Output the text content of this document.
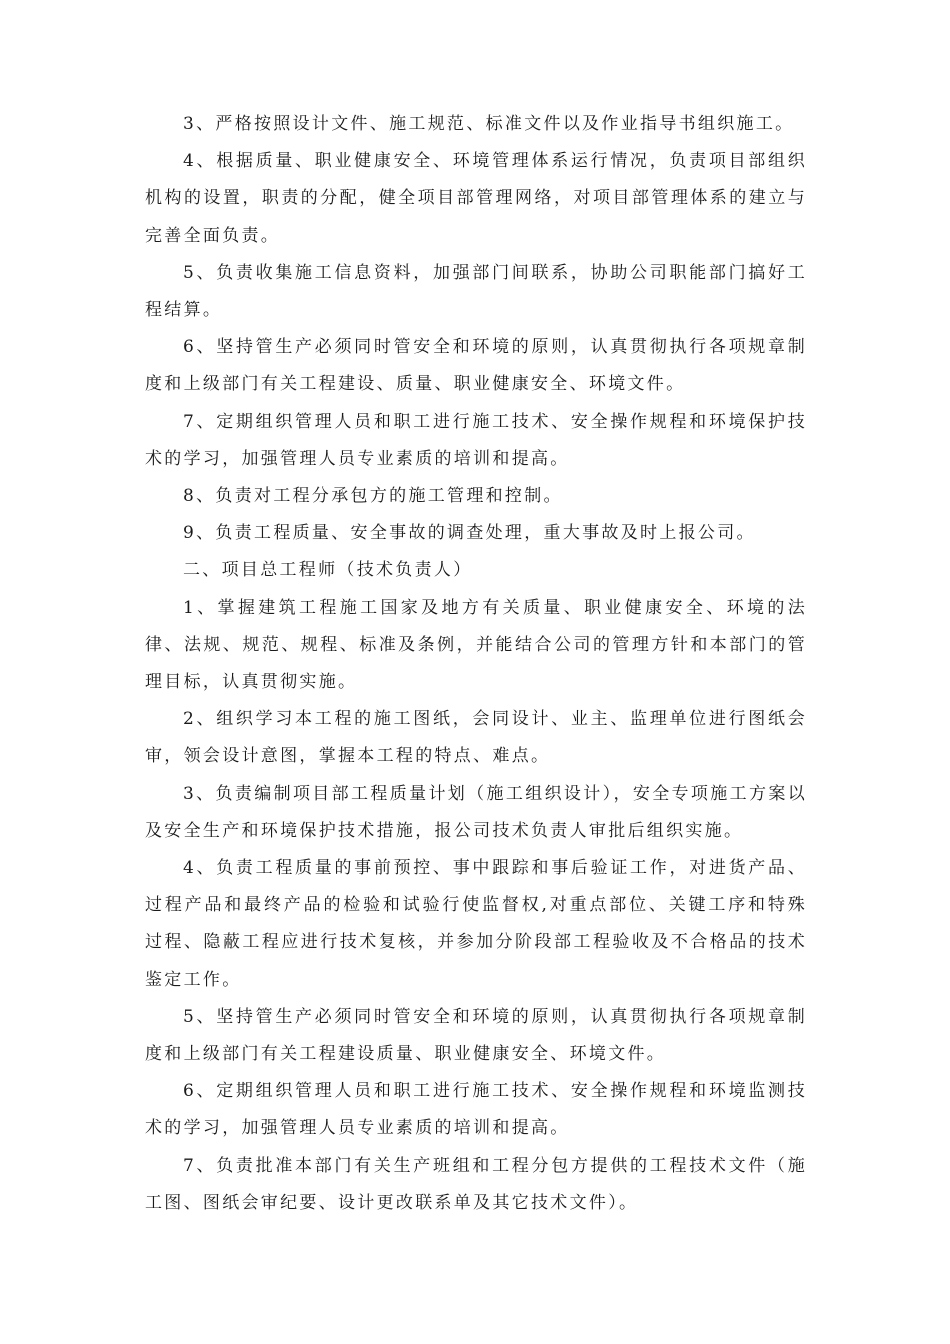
3、严格按照设计文件、施工规范、标准文件以及作业指导书组织施工。

4、根据质量、职业健康安全、环境管理体系运行情况，负责项目部组织机构的设置，职责的分配，健全项目部管理网络，对项目部管理体系的建立与完善全面负责。

5、负责收集施工信息资料，加强部门间联系，协助公司职能部门搞好工程结算。

6、坚持管生产必须同时管安全和环境的原则，认真贯彻执行各项规章制度和上级部门有关工程建设、质量、职业健康安全、环境文件。

7、定期组织管理人员和职工进行施工技术、安全操作规程和环境保护技术的学习，加强管理人员专业素质的培训和提高。

8、负责对工程分承包方的施工管理和控制。

9、负责工程质量、安全事故的调查处理，重大事故及时上报公司。

二、项目总工程师（技术负责人）

1、掌握建筑工程施工国家及地方有关质量、职业健康安全、环境的法律、法规、规范、规程、标准及条例，并能结合公司的管理方针和本部门的管理目标，认真贯彻实施。

2、组织学习本工程的施工图纸，会同设计、业主、监理单位进行图纸会审，领会设计意图，掌握本工程的特点、难点。

3、负责编制项目部工程质量计划（施工组织设计），安全专项施工方案以及安全生产和环境保护技术措施，报公司技术负责人审批后组织实施。

4、负责工程质量的事前预控、事中跟踪和事后验证工作，对进货产品、过程产品和最终产品的检验和试验行使监督权,对重点部位、关键工序和特殊过程、隐蔽工程应进行技术复核，并参加分阶段部工程验收及不合格品的技术鉴定工作。

5、坚持管生产必须同时管安全和环境的原则，认真贯彻执行各项规章制度和上级部门有关工程建设质量、职业健康安全、环境文件。

6、定期组织管理人员和职工进行施工技术、安全操作规程和环境监测技术的学习，加强管理人员专业素质的培训和提高。

7、负责批准本部门有关生产班组和工程分包方提供的工程技术文件（施工图、图纸会审纪要、设计更改联系单及其它技术文件）。
